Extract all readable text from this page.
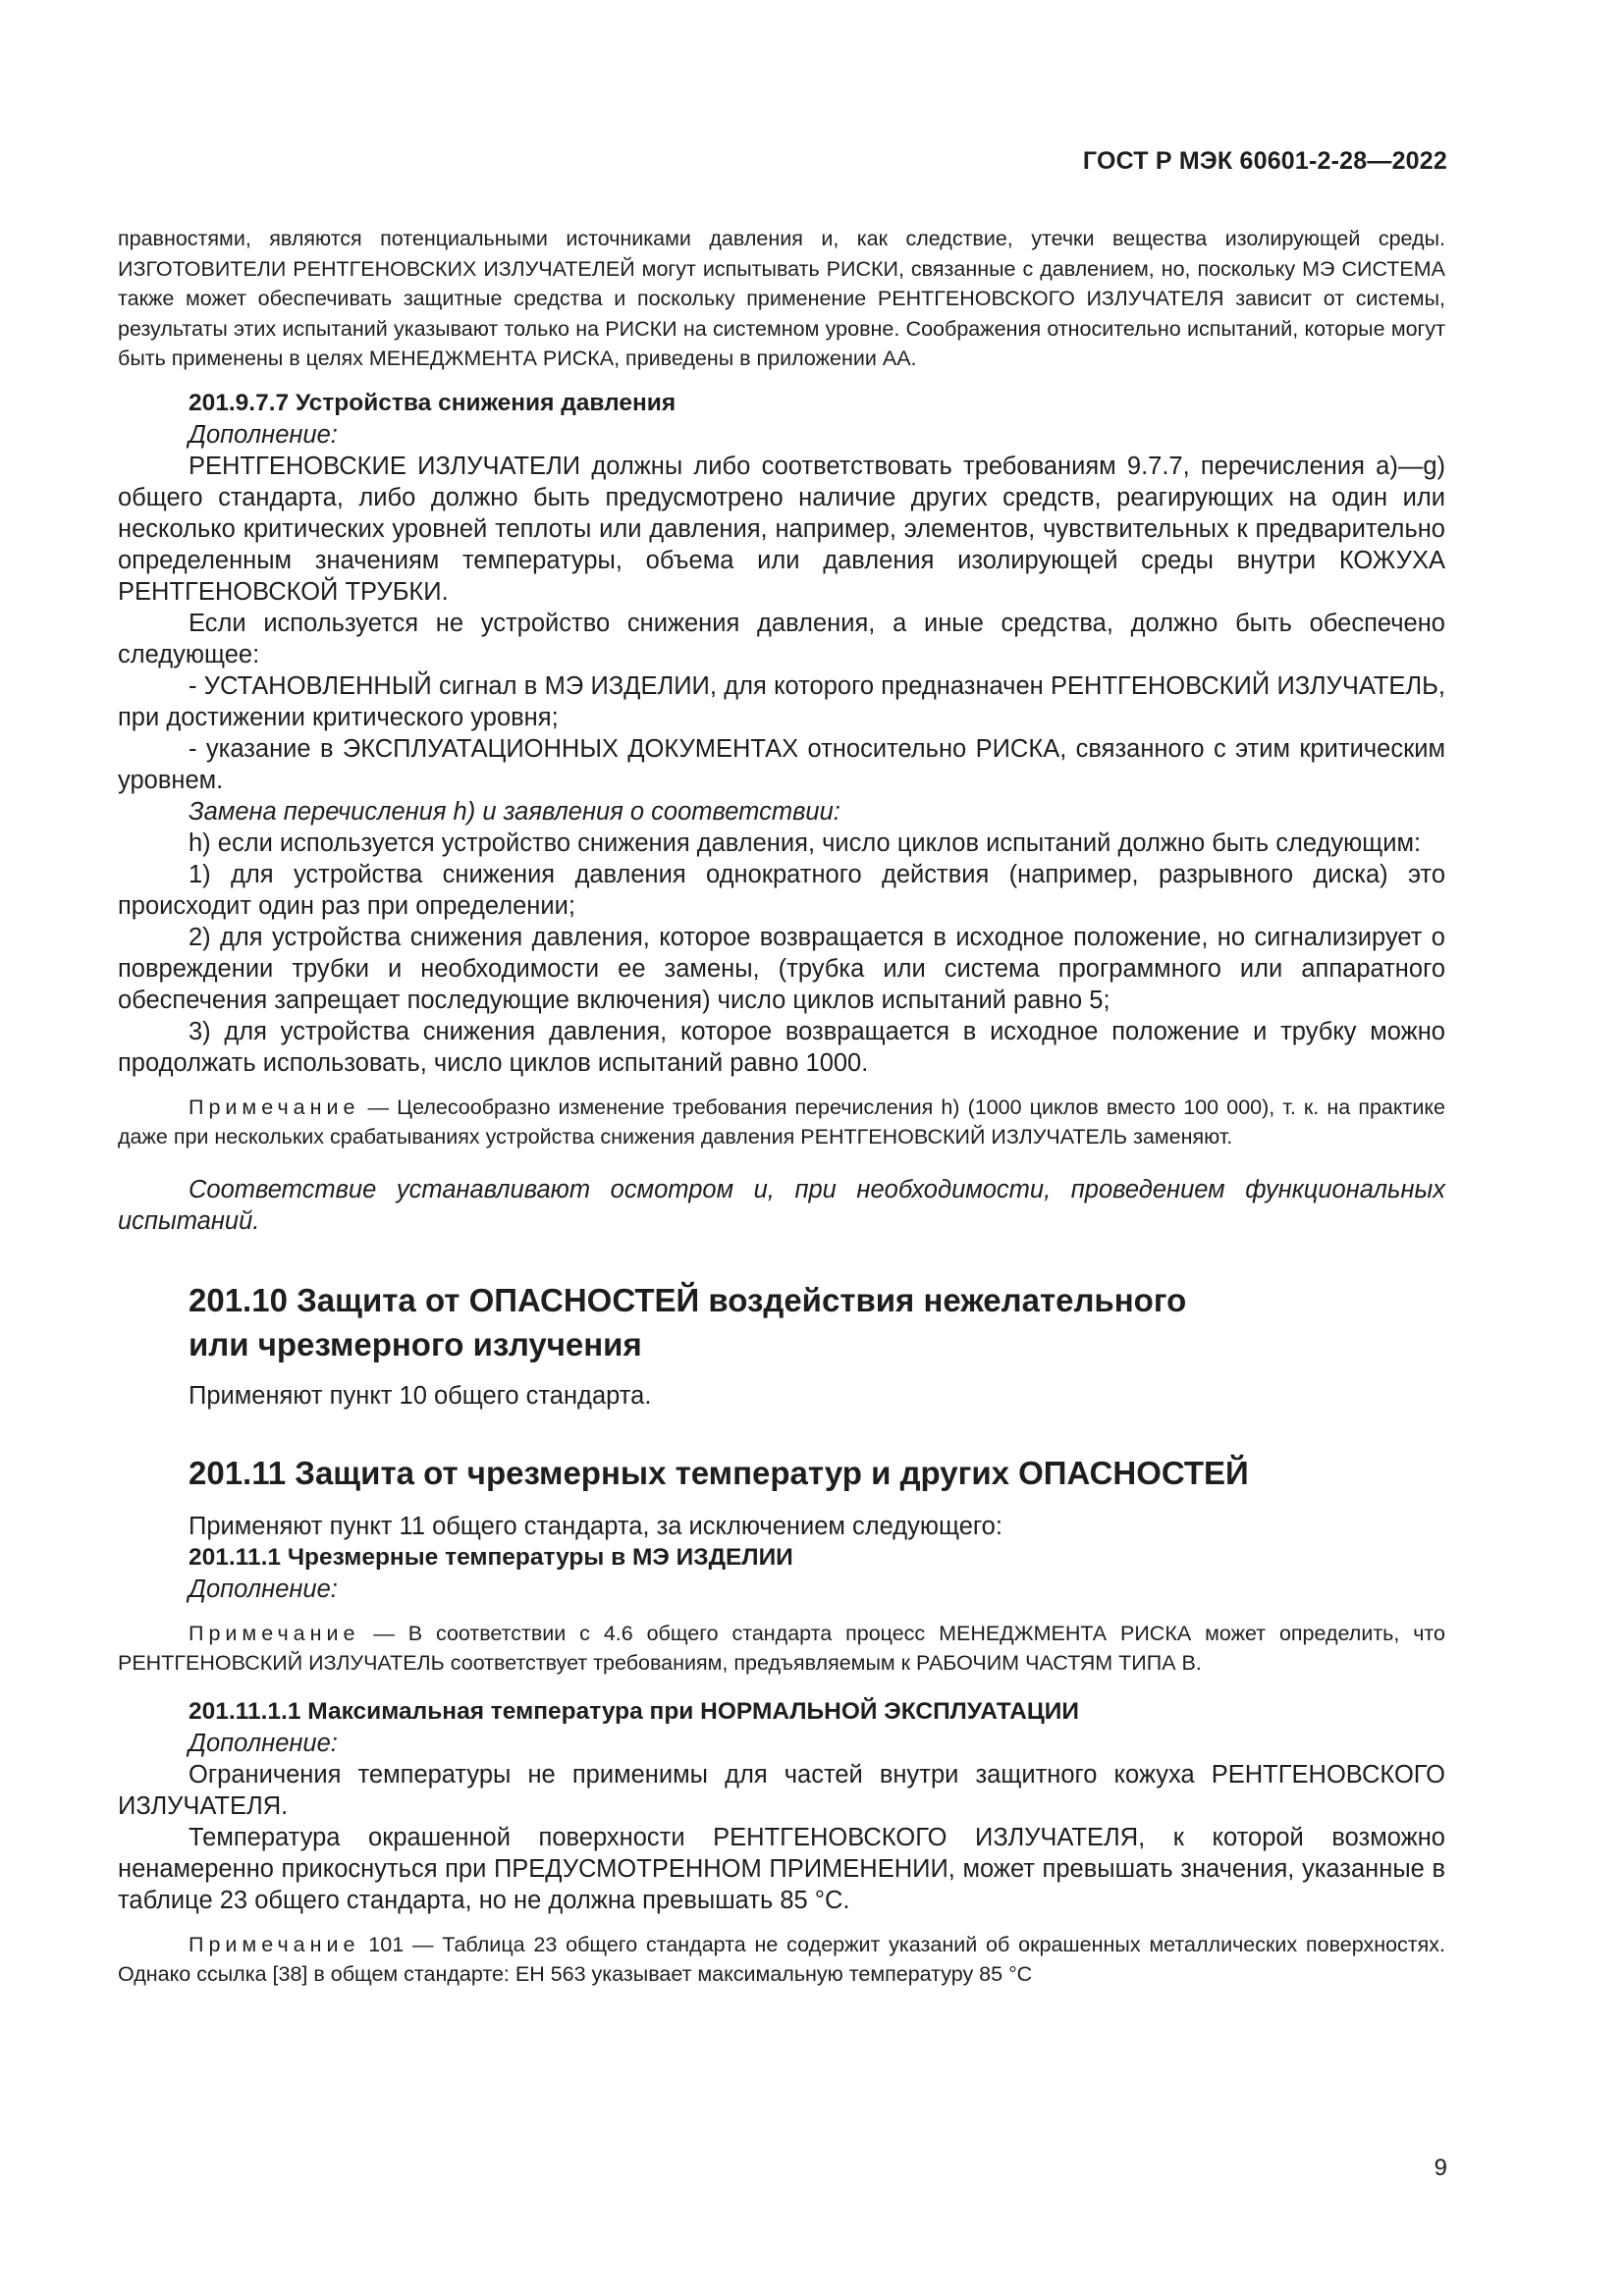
ГОСТ Р МЭК 60601-2-28—2022

правностями, являются потенциальными источниками давления и, как следствие, утечки вещества изолирующей среды. ИЗГОТОВИТЕЛИ РЕНТГЕНОВСКИХ ИЗЛУЧАТЕЛЕЙ могут испытывать РИСКИ, связанные с давлением, но, поскольку МЭ СИСТЕМА также может обеспечивать защитные средства и поскольку применение РЕНТГЕНОВСКОГО ИЗЛУЧАТЕЛЯ зависит от системы, результаты этих испытаний указывают только на РИСКИ на системном уровне. Соображения относительно испытаний, которые могут быть применены в целях МЕНЕДЖМЕНТА РИСКА, приведены в приложении АА.

201.9.7.7 Устройства снижения давления

Дополнение:

РЕНТГЕНОВСКИЕ ИЗЛУЧАТЕЛИ должны либо соответствовать требованиям 9.7.7, перечисления a)—g) общего стандарта, либо должно быть предусмотрено наличие других средств, реагирующих на один или несколько критических уровней теплоты или давления, например, элементов, чувствительных к предварительно определенным значениям температуры, объема или давления изолирующей среды внутри КОЖУХА РЕНТГЕНОВСКОЙ ТРУБКИ.

Если используется не устройство снижения давления, а иные средства, должно быть обеспечено следующее:

- УСТАНОВЛЕННЫЙ сигнал в МЭ ИЗДЕЛИИ, для которого предназначен РЕНТГЕНОВСКИЙ ИЗЛУЧАТЕЛЬ, при достижении критического уровня;

- указание в ЭКСПЛУАТАЦИОННЫХ ДОКУМЕНТАХ относительно РИСКА, связанного с этим критическим уровнем.

Замена перечисления h) и заявления о соответствии:

h) если используется устройство снижения давления, число циклов испытаний должно быть следующим:

1) для устройства снижения давления однократного действия (например, разрывного диска) это происходит один раз при определении;

2) для устройства снижения давления, которое возвращается в исходное положение, но сигнализирует о повреждении трубки и необходимости ее замены, (трубка или система программного или аппаратного обеспечения запрещает последующие включения) число циклов испытаний равно 5;

3) для устройства снижения давления, которое возвращается в исходное положение и трубку можно продолжать использовать, число циклов испытаний равно 1000.

Примечание — Целесообразно изменение требования перечисления h) (1000 циклов вместо 100 000), т. к. на практике даже при нескольких срабатываниях устройства снижения давления РЕНТГЕНОВСКИЙ ИЗЛУЧАТЕЛЬ заменяют.

Соответствие устанавливают осмотром и, при необходимости, проведением функциональных испытаний.

201.10 Защита от ОПАСНОСТЕЙ воздействия нежелательного

или чрезмерного излучения

Применяют пункт 10 общего стандарта.

201.11 Защита от чрезмерных температур и других ОПАСНОСТЕЙ

Применяют пункт 11 общего стандарта, за исключением следующего:

201.11.1 Чрезмерные температуры в МЭ ИЗДЕЛИИ

Дополнение:

Примечание — В соответствии с 4.6 общего стандарта процесс МЕНЕДЖМЕНТА РИСКА может определить, что РЕНТГЕНОВСКИЙ ИЗЛУЧАТЕЛЬ соответствует требованиям, предъявляемым к РАБОЧИМ ЧАСТЯМ ТИПА В.

201.11.1.1 Максимальная температура при НОРМАЛЬНОЙ ЭКСПЛУАТАЦИИ

Дополнение:

Ограничения температуры не применимы для частей внутри защитного кожуха РЕНТГЕНОВСКОГО ИЗЛУЧАТЕЛЯ.

Температура окрашенной поверхности РЕНТГЕНОВСКОГО ИЗЛУЧАТЕЛЯ, к которой возможно ненамеренно прикоснуться при ПРЕДУСМОТРЕННОМ ПРИМЕНЕНИИ, может превышать значения, указанные в таблице 23 общего стандарта, но не должна превышать 85 °С.

Примечание 101 — Таблица 23 общего стандарта не содержит указаний об окрашенных металлических поверхностях. Однако ссылка [38] в общем стандарте: ЕН 563 указывает максимальную температуру 85 °С

9
